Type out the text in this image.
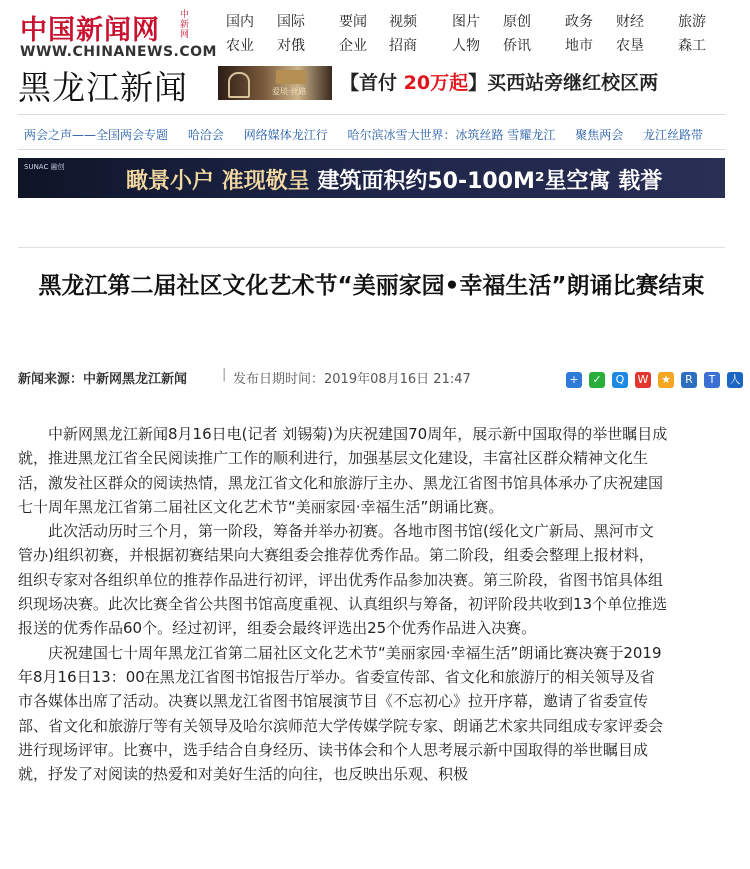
中国新闻网 中新网
WWW.CHINANEWS.COM
黑龙江新闻
国内
农业
国际
对俄
要闻
企业
视频
招商
图片
人物
原创
侨讯
政务
地市
财经
农垦
旅游
森工
爱琰·丝路 【首付 20万起】买西站旁继红校区两
两会之声——全国两会专题 哈洽会 网络媒体龙江行 哈尔滨冰雪大世界：冰筑丝路 雪耀龙江 聚焦两会 龙江丝路带
SUNAC 融创
瞰景小户 准现敬呈 建筑面积约50-100M²星空寓 载誉
黑龙江第二届社区文化艺术节“美丽家园•幸福生活”朗诵比赛结束
新闻来源：中新网黑龙江新闻	| 发布日期时间：2019年08月16日 21:47	+ ✓ Q W ★ R T 人

中新网黑龙江新闻8月16日电(记者 刘锡菊)为庆祝建国70周年，展示新中国取得的举世瞩目成就，推进黑龙江省全民阅读推广工作的顺利进行，加强基层文化建设，丰富社区群众精神文化生活，激发社区群众的阅读热情，黑龙江省文化和旅游厅主办、黑龙江省图书馆具体承办了庆祝建国七十周年黑龙江省第二届社区文化艺术节“美丽家园·幸福生活”朗诵比赛。

此次活动历时三个月，第一阶段，筹备并举办初赛。各地市图书馆(绥化文广新局、黑河市文管办)组织初赛，并根据初赛结果向大赛组委会推荐优秀作品。第二阶段，组委会整理上报材料，组织专家对各组织单位的推荐作品进行初评，评出优秀作品参加决赛。第三阶段，省图书馆具体组织现场决赛。此次比赛全省公共图书馆高度重视、认真组织与筹备，初评阶段共收到13个单位推选报送的优秀作品60个。经过初评，组委会最终评选出25个优秀作品进入决赛。

庆祝建国七十周年黑龙江省第二届社区文化艺术节“美丽家园·幸福生活”朗诵比赛决赛于2019年8月16日13：00在黑龙江省图书馆报告厅举办。省委宣传部、省文化和旅游厅的相关领导及省市各媒体出席了活动。决赛以黑龙江省图书馆展演节目《不忘初心》拉开序幕，邀请了省委宣传部、省文化和旅游厅等有关领导及哈尔滨师范大学传媒学院专家、朗诵艺术家共同组成专家评委会进行现场评审。比赛中，选手结合自身经历、读书体会和个人思考展示新中国取得的举世瞩目成就，抒发了对阅读的热爱和对美好生活的向往，也反映出乐观、积极
